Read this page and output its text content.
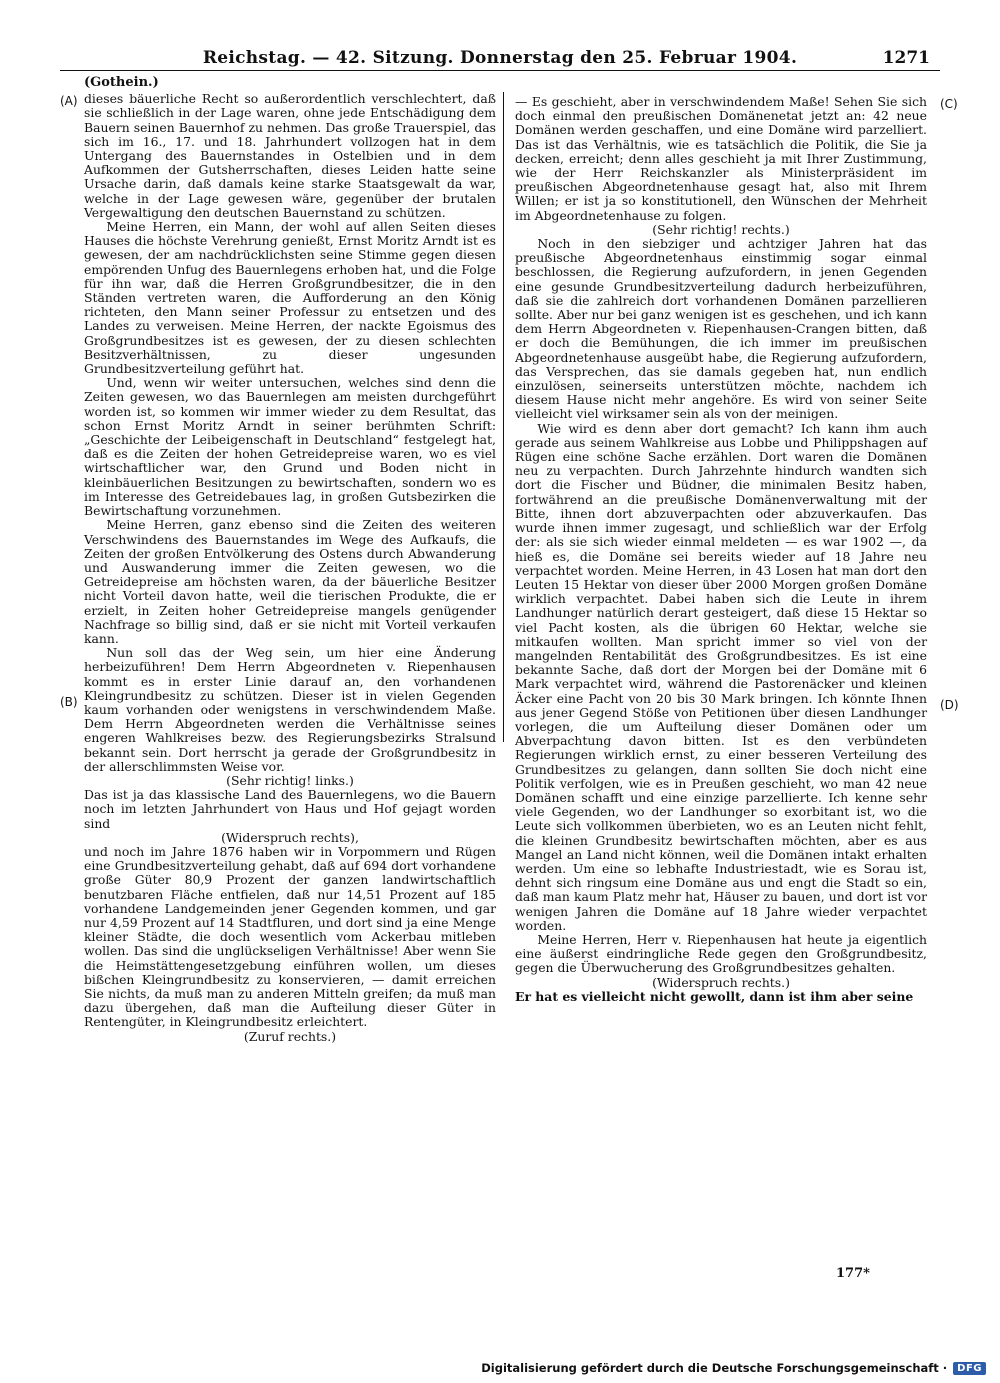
Reichstag. — 42. Sitzung. Donnerstag den 25. Februar 1904.	1271
(A)
(B)
(C)
(D)
(Gothein.)

dieses bäuerliche Recht so außerordentlich verschlechtert, daß sie schließlich in der Lage waren, ohne jede Entschädigung dem Bauern seinen Bauernhof zu nehmen. Das große Trauerspiel, das sich im 16., 17. und 18. Jahrhundert vollzogen hat in dem Untergang des Bauernstandes in Ostelbien und in dem Aufkommen der Gutsherrschaften, dieses Leiden hatte seine Ursache darin, daß damals keine starke Staatsgewalt da war, welche in der Lage gewesen wäre, gegenüber der brutalen Vergewaltigung den deutschen Bauernstand zu schützen.

Meine Herren, ein Mann, der wohl auf allen Seiten dieses Hauses die höchste Verehrung genießt, Ernst Moritz Arndt ist es gewesen, der am nachdrücklichsten seine Stimme gegen diesen empörenden Unfug des Bauernlegens erhoben hat, und die Folge für ihn war, daß die Herren Großgrundbesitzer, die in den Ständen vertreten waren, die Aufforderung an den König richteten, den Mann seiner Professur zu entsetzen und des Landes zu verweisen. Meine Herren, der nackte Egoismus des Großgrundbesitzes ist es gewesen, der zu diesen schlechten Besitzverhältnissen, zu dieser ungesunden Grundbesitzverteilung geführt hat.

Und, wenn wir weiter untersuchen, welches sind denn die Zeiten gewesen, wo das Bauernlegen am meisten durchgeführt worden ist, so kommen wir immer wieder zu dem Resultat, das schon Ernst Moritz Arndt in seiner berühmten Schrift: „Geschichte der Leibeigenschaft in Deutschland“ festgelegt hat, daß es die Zeiten der hohen Getreidepreise waren, wo es viel wirtschaftlicher war, den Grund und Boden nicht in kleinbäuerlichen Besitzungen zu bewirtschaften, sondern wo es im Interesse des Getreidebaues lag, in großen Gutsbezirken die Bewirtschaftung vorzunehmen.

Meine Herren, ganz ebenso sind die Zeiten des weiteren Verschwindens des Bauernstandes im Wege des Aufkaufs, die Zeiten der großen Entvölkerung des Ostens durch Abwanderung und Auswanderung immer die Zeiten gewesen, wo die Getreidepreise am höchsten waren, da der bäuerliche Besitzer nicht Vorteil davon hatte, weil die tierischen Produkte, die er erzielt, in Zeiten hoher Getreidepreise mangels genügender Nachfrage so billig sind, daß er sie nicht mit Vorteil verkaufen kann.

Nun soll das der Weg sein, um hier eine Änderung herbeizuführen! Dem Herrn Abgeordneten v. Riepenhausen kommt es in erster Linie darauf an, den vorhandenen Kleingrundbesitz zu schützen. Dieser ist in vielen Gegenden kaum vorhanden oder wenigstens in verschwindendem Maße. Dem Herrn Abgeordneten werden die Verhältnisse seines engeren Wahlkreises bezw. des Regierungsbezirks Stralsund bekannt sein. Dort herrscht ja gerade der Großgrundbesitz in der allerschlimmsten Weise vor.

(Sehr richtig! links.)

Das ist ja das klassische Land des Bauernlegens, wo die Bauern noch im letzten Jahrhundert von Haus und Hof gejagt worden sind

(Widerspruch rechts),

und noch im Jahre 1876 haben wir in Vorpommern und Rügen eine Grundbesitzverteilung gehabt, daß auf 694 dort vorhandene große Güter 80,9 Prozent der ganzen landwirtschaftlich benutzbaren Fläche entfielen, daß nur 14,51 Prozent auf 185 vorhandene Landgemeinden jener Gegenden kommen, und gar nur 4,59 Prozent auf 14 Stadtfluren, und dort sind ja eine Menge kleiner Städte, die doch wesentlich vom Ackerbau mitleben wollen. Das sind die unglückseligen Verhältnisse! Aber wenn Sie die Heimstättengesetzgebung einführen wollen, um dieses bißchen Kleingrundbesitz zu konservieren, — damit erreichen Sie nichts, da muß man zu anderen Mitteln greifen; da muß man dazu übergehen, daß man die Aufteilung dieser Güter in Rentengüter, in Kleingrundbesitz erleichtert.

(Zuruf rechts.)

— Es geschieht, aber in verschwindendem Maße! Sehen Sie sich doch einmal den preußischen Domänenetat jetzt an: 42 neue Domänen werden geschaffen, und eine Domäne wird parzelliert. Das ist das Verhältnis, wie es tatsächlich die Politik, die Sie ja decken, erreicht; denn alles geschieht ja mit Ihrer Zustimmung, wie der Herr Reichskanzler als Ministerpräsident im preußischen Abgeordnetenhause gesagt hat, also mit Ihrem Willen; er ist ja so konstitutionell, den Wünschen der Mehrheit im Abgeordnetenhause zu folgen.

(Sehr richtig! rechts.)

Noch in den siebziger und achtziger Jahren hat das preußische Abgeordnetenhaus einstimmig sogar einmal beschlossen, die Regierung aufzufordern, in jenen Gegenden eine gesunde Grundbesitzverteilung dadurch herbeizuführen, daß sie die zahlreich dort vorhandenen Domänen parzellieren sollte. Aber nur bei ganz wenigen ist es geschehen, und ich kann dem Herrn Abgeordneten v. Riepenhausen-Crangen bitten, daß er doch die Bemühungen, die ich immer im preußischen Abgeordnetenhause ausgeübt habe, die Regierung aufzufordern, das Versprechen, das sie damals gegeben hat, nun endlich einzulösen, seinerseits unterstützen möchte, nachdem ich diesem Hause nicht mehr angehöre. Es wird von seiner Seite vielleicht viel wirksamer sein als von der meinigen.

Wie wird es denn aber dort gemacht? Ich kann ihm auch gerade aus seinem Wahlkreise aus Lobbe und Philippshagen auf Rügen eine schöne Sache erzählen. Dort waren die Domänen neu zu verpachten. Durch Jahrzehnte hindurch wandten sich dort die Fischer und Büdner, die minimalen Besitz haben, fortwährend an die preußische Domänenverwaltung mit der Bitte, ihnen dort abzuverpachten oder abzuverkaufen. Das wurde ihnen immer zugesagt, und schließlich war der Erfolg der: als sie sich wieder einmal meldeten — es war 1902 —, da hieß es, die Domäne sei bereits wieder auf 18 Jahre neu verpachtet worden. Meine Herren, in 43 Losen hat man dort den Leuten 15 Hektar von dieser über 2000 Morgen großen Domäne wirklich verpachtet. Dabei haben sich die Leute in ihrem Landhunger natürlich derart gesteigert, daß diese 15 Hektar so viel Pacht kosten, als die übrigen 60 Hektar, welche sie mitkaufen wollten. Man spricht immer so viel von der mangelnden Rentabilität des Großgrundbesitzes. Es ist eine bekannte Sache, daß dort der Morgen bei der Domäne mit 6 Mark verpachtet wird, während die Pastorenäcker und kleinen Äcker eine Pacht von 20 bis 30 Mark bringen. Ich könnte Ihnen aus jener Gegend Stöße von Petitionen über diesen Landhunger vorlegen, die um Aufteilung dieser Domänen oder um Abverpachtung davon bitten. Ist es den verbündeten Regierungen wirklich ernst, zu einer besseren Verteilung des Grundbesitzes zu gelangen, dann sollten Sie doch nicht eine Politik verfolgen, wie es in Preußen geschieht, wo man 42 neue Domänen schafft und eine einzige parzellierte. Ich kenne sehr viele Gegenden, wo der Landhunger so exorbitant ist, wo die Leute sich vollkommen überbieten, wo es an Leuten nicht fehlt, die kleinen Grundbesitz bewirtschaften möchten, aber es aus Mangel an Land nicht können, weil die Domänen intakt erhalten werden. Um eine so lebhafte Industriestadt, wie es Sorau ist, dehnt sich ringsum eine Domäne aus und engt die Stadt so ein, daß man kaum Platz mehr hat, Häuser zu bauen, und dort ist vor wenigen Jahren die Domäne auf 18 Jahre wieder verpachtet worden.

Meine Herren, Herr v. Riepenhausen hat heute ja eigentlich eine äußerst eindringliche Rede gegen den Großgrundbesitz, gegen die Überwucherung des Großgrundbesitzes gehalten.

(Widerspruch rechts.)

Er hat es vielleicht nicht gewollt, dann ist ihm aber seine

177*
Digitalisierung gefördert durch die Deutsche Forschungsgemeinschaft ·	DFG
